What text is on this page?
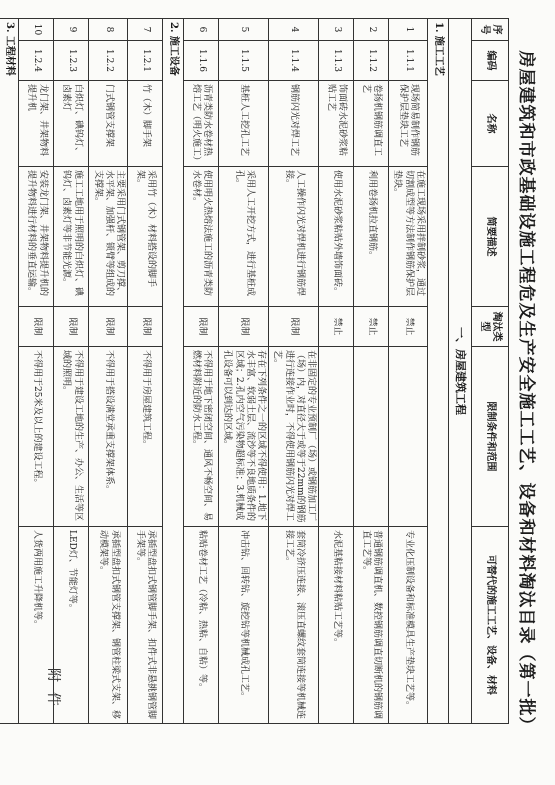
附件	房屋建筑和市政基础设施工程危及生产安全施工工艺、设备和材料淘汰目录（第一批）
序号	编码	名称	简要描述	淘汰类型	限制条件和范围	可替代的施工工艺、设备、材料
一、房屋建筑工程						
1. 施工工艺						
1	1.1.1	现场简易制作钢筋保护层垫块工艺	在施工现场采用拌制砂浆，通过切割成型等方法制作钢筋保护层垫块。	禁止		专业化压制设备和标准模具生产垫块工艺等。
2	1.1.2	卷扬机钢筋调直工艺	利用卷扬机拉直钢筋。	禁止		普通钢筋调直机、数控钢筋调直切断机的钢筋调直工艺等。
3	1.1.3	饰面砖水泥砂浆粘贴工艺	使用水泥砂浆粘贴外墙饰面砖。	禁止		水泥基粘接材料粘贴工艺等。
4	1.1.4	钢筋闪光对焊工艺	人工操作闪光对焊机进行钢筋焊接。	限制	在非固定的专业预制厂（场）或钢筋加工厂（场）内，对直径大于或等于22mm的钢筋进行连接作业时，不得使用钢筋闪光对焊工艺。	套筒冷挤压连接、滚压直螺纹套筒连接等机械连接工艺。
5	1.1.5	基桩人工挖孔工艺	采用人工开挖方式，进行基桩成孔。	限制	存在下列条件之一的区域不得使用：1.地下水丰富、软弱土层、流沙等不良地质条件的区域；2.孔内空气污染物超标准；3.机械成孔设备可以到达的区域。	冲击钻、回转钻、旋挖钻等机械成孔工艺。
6	1.1.6	沥青类防水卷材热熔工艺（明火施工）	使用明火热熔法施工的沥青类防水卷材。	限制	不得用于地下密闭空间、通风不畅空间、易燃材料附近的防水工程。	粘贴卷材工艺（冷粘、热粘、自粘）等。
2. 施工设备						
7	1.2.1	竹（木）脚手架	采用竹（木）材料搭设的脚手架。	限制	不得用于房屋建筑工程。	承插型盘扣式钢管脚手架、扣件式非悬挑钢管脚手架等。
8	1.2.2	门式钢管支撑架	主要采用门式钢管架、剪刀撑、水平架、加强杆、锁臂等组成的支撑架。	限制	不得用于搭设满堂承重支撑架体系。	承插型盘扣式钢管支撑架、钢管柱梁式支架、移动模架等。
9	1.2.3	白炽灯、碘钨灯、卤素灯	施工工地用于照明的白炽灯、碘钨灯、卤素灯等非节能光源。	限制	不得用于建设工地的生产、办公、生活等区域的照明。	LED灯、节能灯等。
10	1.2.4	龙门架、井架物料提升机	安装龙门架、井架物料提升机的提升物料进行材料的垂直运输。	限制	不得用于25米及以上的建设工程。	人货两用施工升降机等。
3. 工程材料						
